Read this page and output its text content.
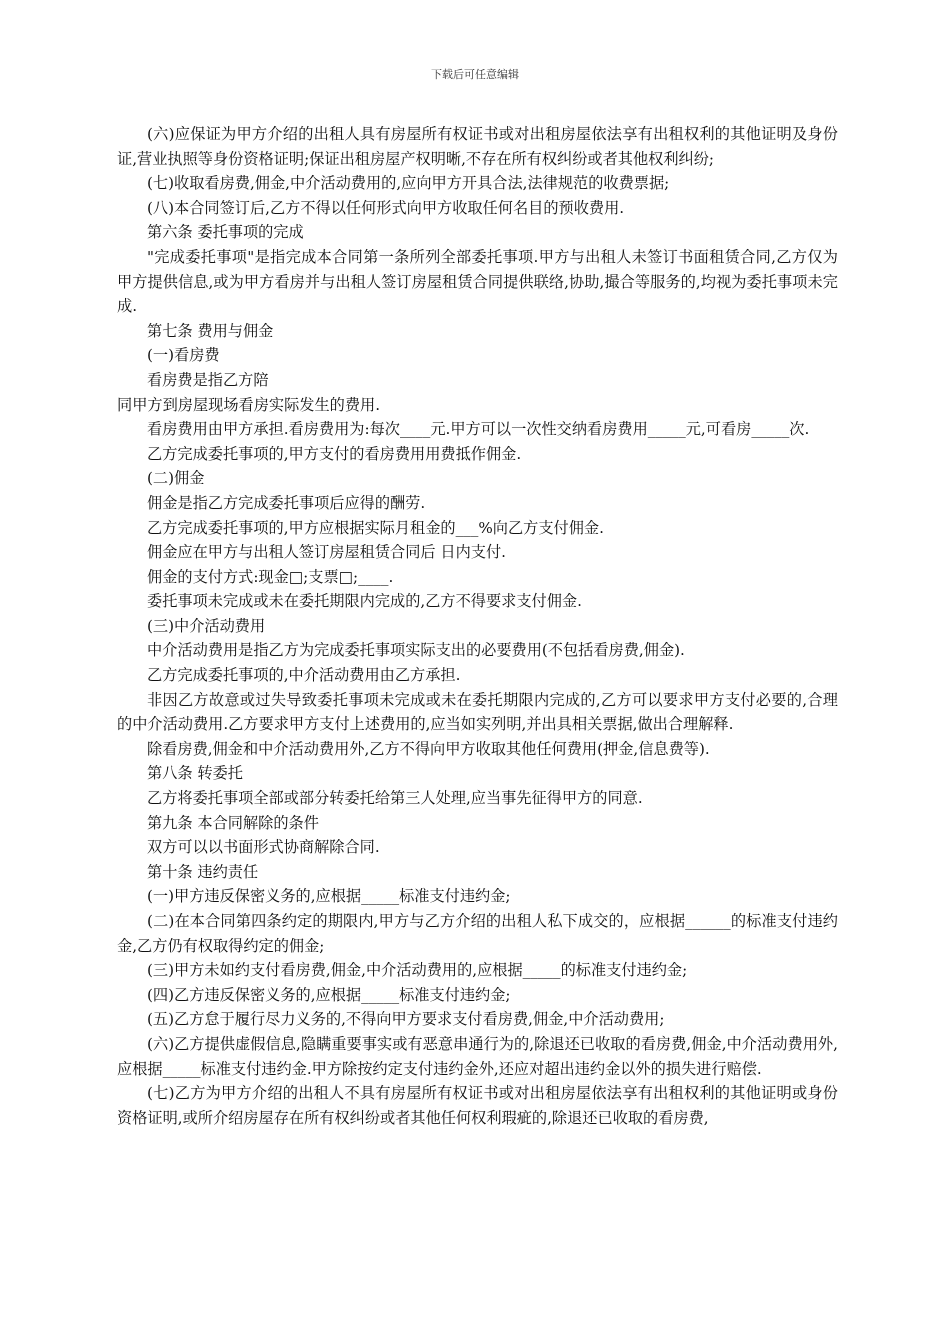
下载后可任意编辑

(六)应保证为甲方介绍的出租人具有房屋所有权证书或对出租房屋依法享有出租权利的其他证明及身份证,营业执照等身份资格证明;保证出租房屋产权明晰,不存在所有权纠纷或者其他权利纠纷;

(七)收取看房费,佣金,中介活动费用的,应向甲方开具合法,法律规范的收费票据;

(八)本合同签订后,乙方不得以任何形式向甲方收取任何名目的预收费用.

第六条 委托事项的完成

"完成委托事项"是指完成本合同第一条所列全部委托事项.甲方与出租人未签订书面租赁合同,乙方仅为甲方提供信息,或为甲方看房并与出租人签订房屋租赁合同提供联络,协助,撮合等服务的,均视为委托事项未完成.

第七条 费用与佣金

(一)看房费

看房费是指乙方陪

同甲方到房屋现场看房实际发生的费用.

看房费用由甲方承担.看房费用为:每次____元.甲方可以一次性交纳看房费用_____元,可看房_____次.

乙方完成委托事项的,甲方支付的看房费用用费抵作佣金.

(二)佣金

佣金是指乙方完成委托事项后应得的酬劳.

乙方完成委托事项的,甲方应根据实际月租金的___%向乙方支付佣金.

佣金应在甲方与出租人签订房屋租赁合同后 日内支付.

佣金的支付方式:现金□;支票□;____.

委托事项未完成或未在委托期限内完成的,乙方不得要求支付佣金.

(三)中介活动费用

中介活动费用是指乙方为完成委托事项实际支出的必要费用(不包括看房费,佣金).

乙方完成委托事项的,中介活动费用由乙方承担.

非因乙方故意或过失导致委托事项未完成或未在委托期限内完成的,乙方可以要求甲方支付必要的,合理的中介活动费用.乙方要求甲方支付上述费用的,应当如实列明,并出具相关票据,做出合理解释.

除看房费,佣金和中介活动费用外,乙方不得向甲方收取其他任何费用(押金,信息费等).

第八条 转委托

乙方将委托事项全部或部分转委托给第三人处理,应当事先征得甲方的同意.

第九条 本合同解除的条件

双方可以以书面形式协商解除合同.

第十条 违约责任

(一)甲方违反保密义务的,应根据_____标准支付违约金;

(二)在本合同第四条约定的期限内,甲方与乙方介绍的出租人私下成交的，应根据______的标准支付违约金,乙方仍有权取得约定的佣金;

(三)甲方未如约支付看房费,佣金,中介活动费用的,应根据_____的标准支付违约金;

(四)乙方违反保密义务的,应根据_____标准支付违约金;

(五)乙方怠于履行尽力义务的,不得向甲方要求支付看房费,佣金,中介活动费用;

(六)乙方提供虚假信息,隐瞒重要事实或有恶意串通行为的,除退还已收取的看房费,佣金,中介活动费用外,应根据_____标准支付违约金.甲方除按约定支付违约金外,还应对超出违约金以外的损失进行赔偿.

(七)乙方为甲方介绍的出租人不具有房屋所有权证书或对出租房屋依法享有出租权利的其他证明或身份资格证明,或所介绍房屋存在所有权纠纷或者其他任何权利瑕疵的,除退还已收取的看房费,
